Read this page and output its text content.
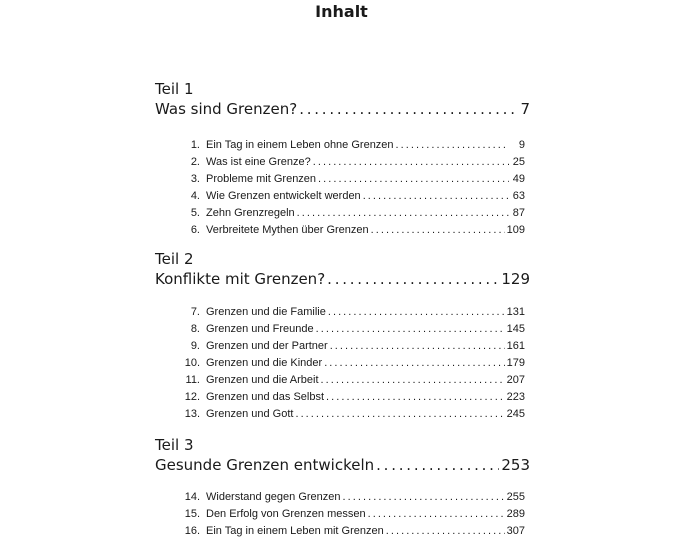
Inhalt
Teil 1
Was sind Grenzen? . . .	7
1. Ein Tag in einem Leben ohne Grenzen . . .	9
2. Was ist eine Grenze? . . .	25
3. Probleme mit Grenzen . . .	49
4. Wie Grenzen entwickelt werden . . .	63
5. Zehn Grenzregeln . . .	87
6. Verbreitete Mythen über Grenzen . . .	109
Teil 2
Konflikte mit Grenzen? . . .	129
7. Grenzen und die Familie . . .	131
8. Grenzen und Freunde . . .	145
9. Grenzen und der Partner . . .	161
10. Grenzen und die Kinder . . .	179
11. Grenzen und die Arbeit . . .	207
12. Grenzen und das Selbst . . .	223
13. Grenzen und Gott . . .	245
Teil 3
Gesunde Grenzen entwickeln . . .	253
14. Widerstand gegen Grenzen . . .	255
15. Den Erfolg von Grenzen messen . . .	289
16. Ein Tag in einem Leben mit Grenzen . . .	307
